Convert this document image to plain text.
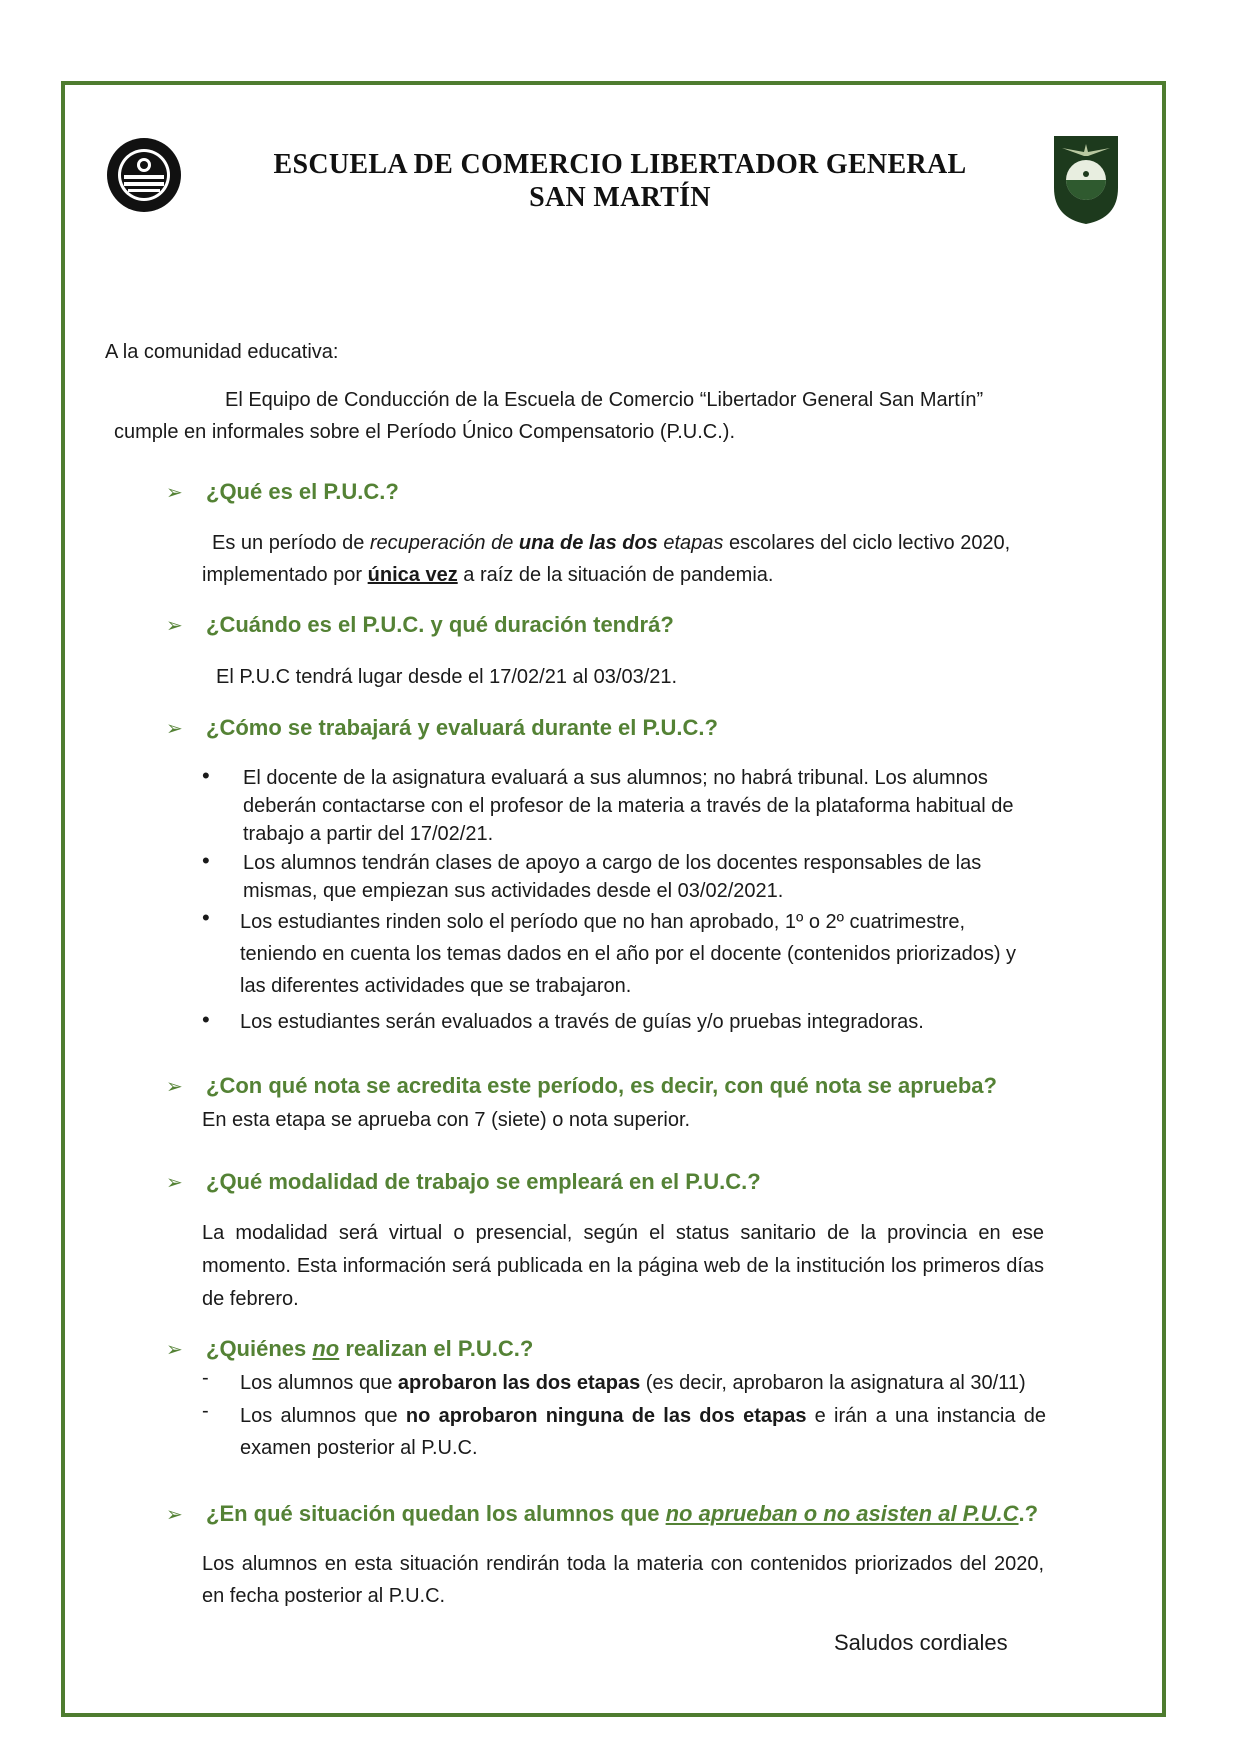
ESCUELA DE COMERCIO LIBERTADOR GENERAL
SAN MARTÍN
A la comunidad educativa:
El Equipo de Conducción de la Escuela de Comercio “Libertador General San Martín”
cumple en informales sobre el Período Único Compensatorio (P.U.C.).
➢ ¿Qué es el P.U.C.?
Es un período de recuperación de una de las dos etapas escolares del ciclo lectivo 2020,
implementado por única vez a raíz de la situación de pandemia.
➢ ¿Cuándo es el P.U.C. y qué duración tendrá?
El P.U.C tendrá lugar desde el 17/02/21 al 03/03/21.
➢ ¿Cómo se trabajará y evaluará durante el P.U.C.?
• El docente de la asignatura evaluará a sus alumnos; no habrá tribunal. Los alumnos deberán contactarse con el profesor de la materia a través de la plataforma habitual de trabajo a partir del 17/02/21.
• Los alumnos tendrán clases de apoyo a cargo de los docentes responsables de las mismas, que empiezan sus actividades desde el 03/02/2021.
• Los estudiantes rinden solo el período que no han aprobado, 1º o 2º cuatrimestre, teniendo en cuenta los temas dados en el año por el docente (contenidos priorizados) y las diferentes actividades que se trabajaron.
• Los estudiantes serán evaluados a través de guías y/o pruebas integradoras.
➢ ¿Con qué nota se acredita este período, es decir, con qué nota se aprueba?
En esta etapa se aprueba con 7 (siete) o nota superior.
➢ ¿Qué modalidad de trabajo se empleará en el P.U.C.?
La modalidad será virtual o presencial, según el status sanitario de la provincia en ese momento. Esta información será publicada en la página web de la institución los primeros días de febrero.
➢ ¿Quiénes no realizan el P.U.C.?
- Los alumnos que aprobaron las dos etapas (es decir, aprobaron la asignatura al 30/11)
- Los alumnos que no aprobaron ninguna de las dos etapas e irán a una instancia de examen posterior al P.U.C.
➢ ¿En qué situación quedan los alumnos que no aprueban o no asisten al P.U.C.?
Los alumnos en esta situación rendirán toda la materia con contenidos priorizados del 2020, en fecha posterior al P.U.C.
Saludos cordiales
